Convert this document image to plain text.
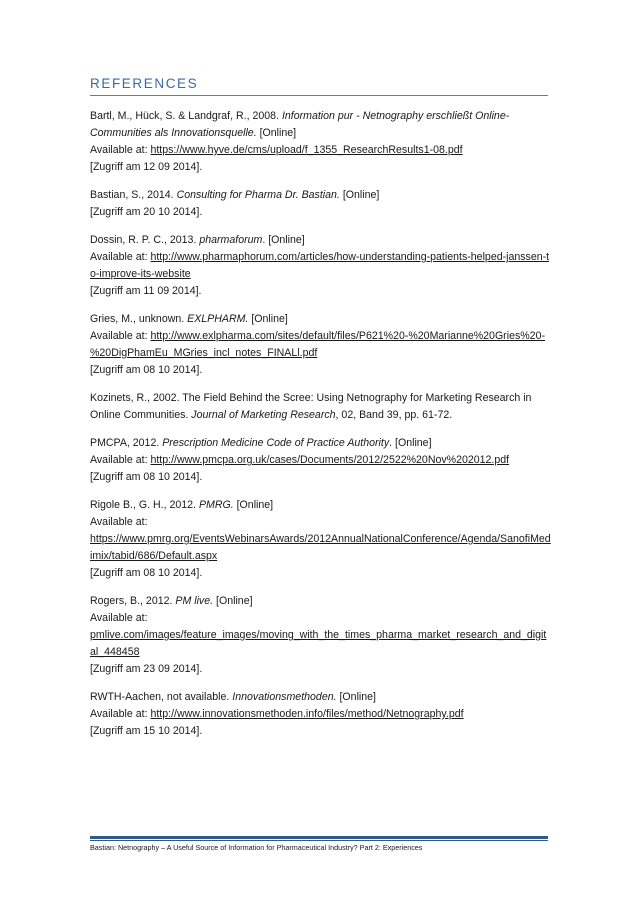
REFERENCES
Bartl, M., Hück, S. & Landgraf, R., 2008. Information pur - Netnography erschließt Online-
Communities als Innovationsquelle. [Online]
Available at: https://www.hyve.de/cms/upload/f_1355_ResearchResults1-08.pdf
[Zugriff am 12 09 2014].
Bastian, S., 2014. Consulting for Pharma Dr. Bastian. [Online]
[Zugriff am 20 10 2014].
Dossin, R. P. C., 2013. pharmaforum. [Online]
Available at: http://www.pharmaphorum.com/articles/how-understanding-patients-helped-janssen-to-improve-its-website
[Zugriff am 11 09 2014].
Gries, M., unknown. EXLPHARM. [Online]
Available at: http://www.exlpharma.com/sites/default/files/P621%20-%20Marianne%20Gries%20-%20DigPhamEu_MGries_incl_notes_FINALl.pdf
[Zugriff am 08 10 2014].
Kozinets, R., 2002. The Field Behind the Scree: Using Netnography for Marketing Research in
Online Communities. Journal of Marketing Research, 02, Band 39, pp. 61-72.
PMCPA, 2012. Prescription Medicine Code of Practice Authority. [Online]
Available at: http://www.pmcpa.org.uk/cases/Documents/2012/2522%20Nov%202012.pdf
[Zugriff am 08 10 2014].
Rigole B., G. H., 2012. PMRG. [Online]
Available at:
https://www.pmrg.org/EventsWebinarsAwards/2012AnnualNationalConference/Agenda/SanofiMedimix/tabid/686/Default.aspx
[Zugriff am 08 10 2014].
Rogers, B., 2012. PM live. [Online]
Available at:
pmlive.com/images/feature_images/moving_with_the_times_pharma_market_research_and_digital_448458
[Zugriff am 23 09 2014].
RWTH-Aachen, not available. Innovationsmethoden. [Online]
Available at: http://www.innovationsmethoden.info/files/method/Netnography.pdf
[Zugriff am 15 10 2014].
Bastian: Netnography – A Useful Source of Information for Pharmaceutical Industry? Part 2: Experiences
